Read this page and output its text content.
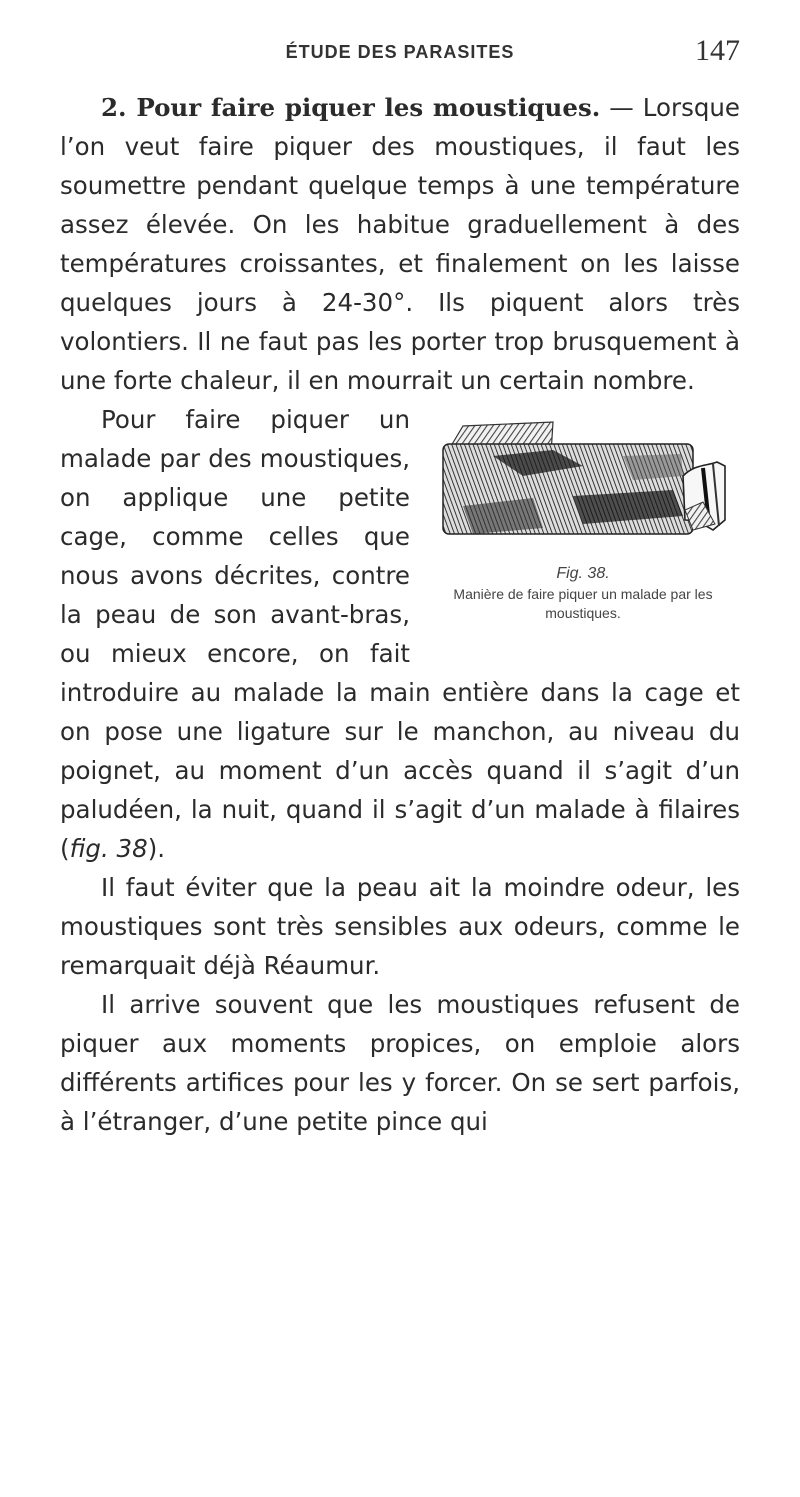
ÉTUDE DES PARASITES	147

2. Pour faire piquer les moustiques. — Lorsque l’on veut faire piquer des moustiques, il faut les soumettre pendant quelque temps à une température assez élevée. On les habitue graduellement à des températures croissantes, et finalement on les laisse quelques jours à 24-30°. Ils piquent alors très volontiers. Il ne faut pas les porter trop brusquement à une forte chaleur, il en mourrait un certain nombre.

Fig. 38.
Manière de faire piquer un malade par les moustiques.

Pour faire piquer un malade par des moustiques, on applique une petite cage, comme celles que nous avons décrites, contre la peau de son avant-bras, ou mieux encore, on fait introduire au malade la main entière dans la cage et on pose une ligature sur le manchon, au niveau du poignet, au moment d’un accès quand il s’agit d’un paludéen, la nuit, quand il s’agit d’un malade à filaires (fig. 38).

Il faut éviter que la peau ait la moindre odeur, les moustiques sont très sensibles aux odeurs, comme le remarquait déjà Réaumur.

Il arrive souvent que les moustiques refusent de piquer aux moments propices, on emploie alors différents artifices pour les y forcer. On se sert parfois, à l’étranger, d’une petite pince qui
